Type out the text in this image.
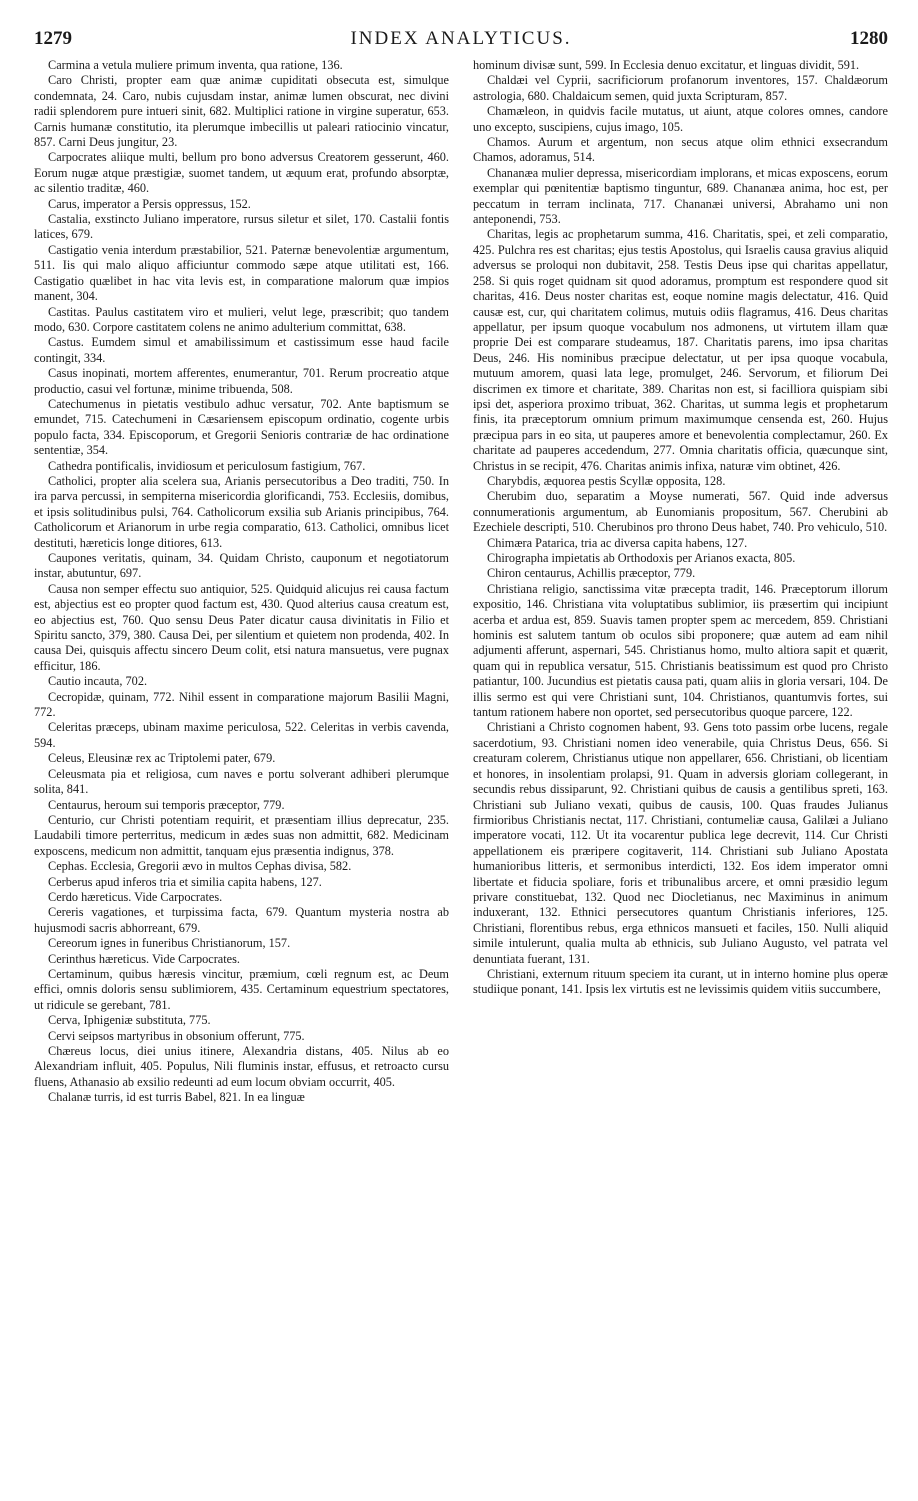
1279	INDEX ANALYTICUS.	1280

Carmina a vetula muliere primum inventa, qua ratione, 136.

Caro Christi, propter eam quæ animæ cupiditati obsecuta est, simulque condemnata, 24. Caro, nubis cujusdam instar, animæ lumen obscurat, nec divini radii splendorem pure intueri sinit, 682. Multiplici ratione in virgine superatur, 653. Carnis humanæ constitutio, ita plerumque imbecillis ut paleari ratiocinio vincatur, 857. Carni Deus jungitur, 23.

Carpocrates aliique multi, bellum pro bono adversus Creatorem gesserunt, 460. Eorum nugæ atque præstigiæ, suomet tandem, ut æquum erat, profundo absorptæ, ac silentio traditæ, 460.

Carus, imperator a Persis oppressus, 152.

Castalia, exstincto Juliano imperatore, rursus siletur et silet, 170. Castalii fontis latices, 679.

Castigatio venia interdum præstabilior, 521. Paternæ benevolentiæ argumentum, 511. Iis qui malo aliquo afficiuntur commodo sæpe atque utilitati est, 166. Castigatio quælibet in hac vita levis est, in comparatione malorum quæ impios manent, 304.

Castitas. Paulus castitatem viro et mulieri, velut lege, præscribit; quo tandem modo, 630. Corpore castitatem colens ne animo adulterium committat, 638.

Castus. Eumdem simul et amabilissimum et castissimum esse haud facile contingit, 334.

Casus inopinati, mortem afferentes, enumerantur, 701. Rerum procreatio atque productio, casui vel fortunæ, minime tribuenda, 508.

Catechumenus in pietatis vestibulo adhuc versatur, 702. Ante baptismum se emundet, 715. Catechumeni in Cæsariensem episcopum ordinatio, cogente urbis populo facta, 334. Episcoporum, et Gregorii Senioris contrariæ de hac ordinatione sententiæ, 354.

Cathedra pontificalis, invidiosum et periculosum fastigium, 767.

Catholici, propter alia scelera sua, Arianis persecutoribus a Deo traditi, 750. In ira parva percussi, in sempiterna misericordia glorificandi, 753. Ecclesiis, domibus, et ipsis solitudinibus pulsi, 764. Catholicorum exsilia sub Arianis principibus, 764. Catholicorum et Arianorum in urbe regia comparatio, 613. Catholici, omnibus licet destituti, hæreticis longe ditiores, 613.

Caupones veritatis, quinam, 34. Quidam Christo, cauponum et negotiatorum instar, abutuntur, 697.

Causa non semper effectu suo antiquior, 525. Quidquid alicujus rei causa factum est, abjectius est eo propter quod factum est, 430. Quod alterius causa creatum est, eo abjectius est, 760. Quo sensu Deus Pater dicatur causa divinitatis in Filio et Spiritu sancto, 379, 380. Causa Dei, per silentium et quietem non prodenda, 402. In causa Dei, quisquis affectu sincero Deum colit, etsi natura mansuetus, vere pugnax efficitur, 186.

Cautio incauta, 702.

Cecropidæ, quinam, 772. Nihil essent in comparatione majorum Basilii Magni, 772.

Celeritas præceps, ubinam maxime periculosa, 522. Celeritas in verbis cavenda, 594.

Celeus, Eleusinæ rex ac Triptolemi pater, 679.

Celeusmata pia et religiosa, cum naves e portu solverant adhiberi plerumque solita, 841.

Centaurus, heroum sui temporis præceptor, 779.

Centurio, cur Christi potentiam requirit, et præsentiam illius deprecatur, 235. Laudabili timore perterritus, medicum in ædes suas non admittit, 682. Medicinam exposcens, medicum non admittit, tanquam ejus præsentia indignus, 378.

Cephas. Ecclesia, Gregorii ævo in multos Cephas divisa, 582.

Cerberus apud inferos tria et similia capita habens, 127.

Cerdo hæreticus. Vide Carpocrates.

Cereris vagationes, et turpissima facta, 679. Quantum mysteria nostra ab hujusmodi sacris abhorreant, 679.

Cereorum ignes in funeribus Christianorum, 157.

Cerinthus hæreticus. Vide Carpocrates.

Certaminum, quibus hæresis vincitur, præmium, cœli regnum est, ac Deum effici, omnis doloris sensu sublimiorem, 435. Certaminum equestrium spectatores, ut ridicule se gerebant, 781.

Cerva, Iphigeniæ substituta, 775.

Cervi seipsos martyribus in obsonium offerunt, 775.

Chæreus locus, diei unius itinere, Alexandria distans, 405. Nilus ab eo Alexandriam influit, 405. Populus, Nili fluminis instar, effusus, et retroacto cursu fluens, Athanasio ab exsilio redeunti ad eum locum obviam occurrit, 405.

Chalanæ turris, id est turris Babel, 821. In ea linguæ

hominum divisæ sunt, 599. In Ecclesia denuo excitatur, et linguas dividit, 591.

Chaldæi vel Cyprii, sacrificiorum profanorum inventores, 157. Chaldæorum astrologia, 680. Chaldaicum semen, quid juxta Scripturam, 857.

Chamæleon, in quidvis facile mutatus, ut aiunt, atque colores omnes, candore uno excepto, suscipiens, cujus imago, 105.

Chamos. Aurum et argentum, non secus atque olim ethnici exsecrandum Chamos, adoramus, 514.

Chananæa mulier depressa, misericordiam implorans, et micas exposcens, eorum exemplar qui pœnitentiæ baptismo tinguntur, 689. Chananæa anima, hoc est, per peccatum in terram inclinata, 717. Chananæi universi, Abrahamo uni non anteponendi, 753.

Charitas, legis ac prophetarum summa, 416. Charitatis, spei, et zeli comparatio, 425. Pulchra res est charitas; ejus testis Apostolus, qui Israelis causa gravius aliquid adversus se proloqui non dubitavit, 258. Testis Deus ipse qui charitas appellatur, 258. Si quis roget quidnam sit quod adoramus, promptum est respondere quod sit charitas, 416. Deus noster charitas est, eoque nomine magis delectatur, 416. Quid causæ est, cur, qui charitatem colimus, mutuis odiis flagramus, 416. Deus charitas appellatur, per ipsum quoque vocabulum nos admonens, ut virtutem illam quæ proprie Dei est comparare studeamus, 187. Charitatis parens, imo ipsa charitas Deus, 246. His nominibus præcipue delectatur, ut per ipsa quoque vocabula, mutuum amorem, quasi lata lege, promulget, 246. Servorum, et filiorum Dei discrimen ex timore et charitate, 389. Charitas non est, si facilliora quispiam sibi ipsi det, asperiora proximo tribuat, 362. Charitas, ut summa legis et prophetarum finis, ita præceptorum omnium primum maximumque censenda est, 260. Hujus præcipua pars in eo sita, ut pauperes amore et benevolentia complectamur, 260. Ex charitate ad pauperes accedendum, 277. Omnia charitatis officia, quæcunque sint, Christus in se recipit, 476. Charitas animis infixa, naturæ vim obtinet, 426.

Charybdis, æquorea pestis Scyllæ opposita, 128.

Cherubim duo, separatim a Moyse numerati, 567. Quid inde adversus connumerationis argumentum, ab Eunomianis propositum, 567. Cherubini ab Ezechiele descripti, 510. Cherubinos pro throno Deus habet, 740. Pro vehiculo, 510.

Chimæra Patarica, tria ac diversa capita habens, 127.

Chirographa impietatis ab Orthodoxis per Arianos exacta, 805.

Chiron centaurus, Achillis præceptor, 779.

Christiana religio, sanctissima vitæ præcepta tradit, 146. Præceptorum illorum expositio, 146. Christiana vita voluptatibus sublimior, iis præsertim qui incipiunt acerba et ardua est, 859. Suavis tamen propter spem ac mercedem, 859. Christiani hominis est salutem tantum ob oculos sibi proponere; quæ autem ad eam nihil adjumenti afferunt, aspernari, 545. Christianus homo, multo altiora sapit et quærit, quam qui in republica versatur, 515. Christianis beatissimum est quod pro Christo patiantur, 100. Jucundius est pietatis causa pati, quam aliis in gloria versari, 104. De illis sermo est qui vere Christiani sunt, 104. Christianos, quantumvis fortes, sui tantum rationem habere non oportet, sed persecutoribus quoque parcere, 122.

Christiani a Christo cognomen habent, 93. Gens toto passim orbe lucens, regale sacerdotium, 93. Christiani nomen ideo venerabile, quia Christus Deus, 656. Si creaturam colerem, Christianus utique non appellarer, 656. Christiani, ob licentiam et honores, in insolentiam prolapsi, 91. Quam in adversis gloriam collegerant, in secundis rebus dissiparunt, 92. Christiani quibus de causis a gentilibus spreti, 163. Christiani sub Juliano vexati, quibus de causis, 100. Quas fraudes Julianus firmioribus Christianis nectat, 117. Christiani, contumeliæ causa, Galilæi a Juliano imperatore vocati, 112. Ut ita vocarentur publica lege decrevit, 114. Cur Christi appellationem eis præripere cogitaverit, 114. Christiani sub Juliano Apostata humanioribus litteris, et sermonibus interdicti, 132. Eos idem imperator omni libertate et fiducia spoliare, foris et tribunalibus arcere, et omni præsidio legum privare constituebat, 132. Quod nec Diocletianus, nec Maximinus in animum induxerant, 132. Ethnici persecutores quantum Christianis inferiores, 125. Christiani, florentibus rebus, erga ethnicos mansueti et faciles, 150. Nulli aliquid simile intulerunt, qualia multa ab ethnicis, sub Juliano Augusto, vel patrata vel denuntiata fuerant, 131.

Christiani, externum rituum speciem ita curant, ut in interno homine plus operæ studiique ponant, 141. Ipsis lex virtutis est ne levissimis quidem vitiis succumbere,
